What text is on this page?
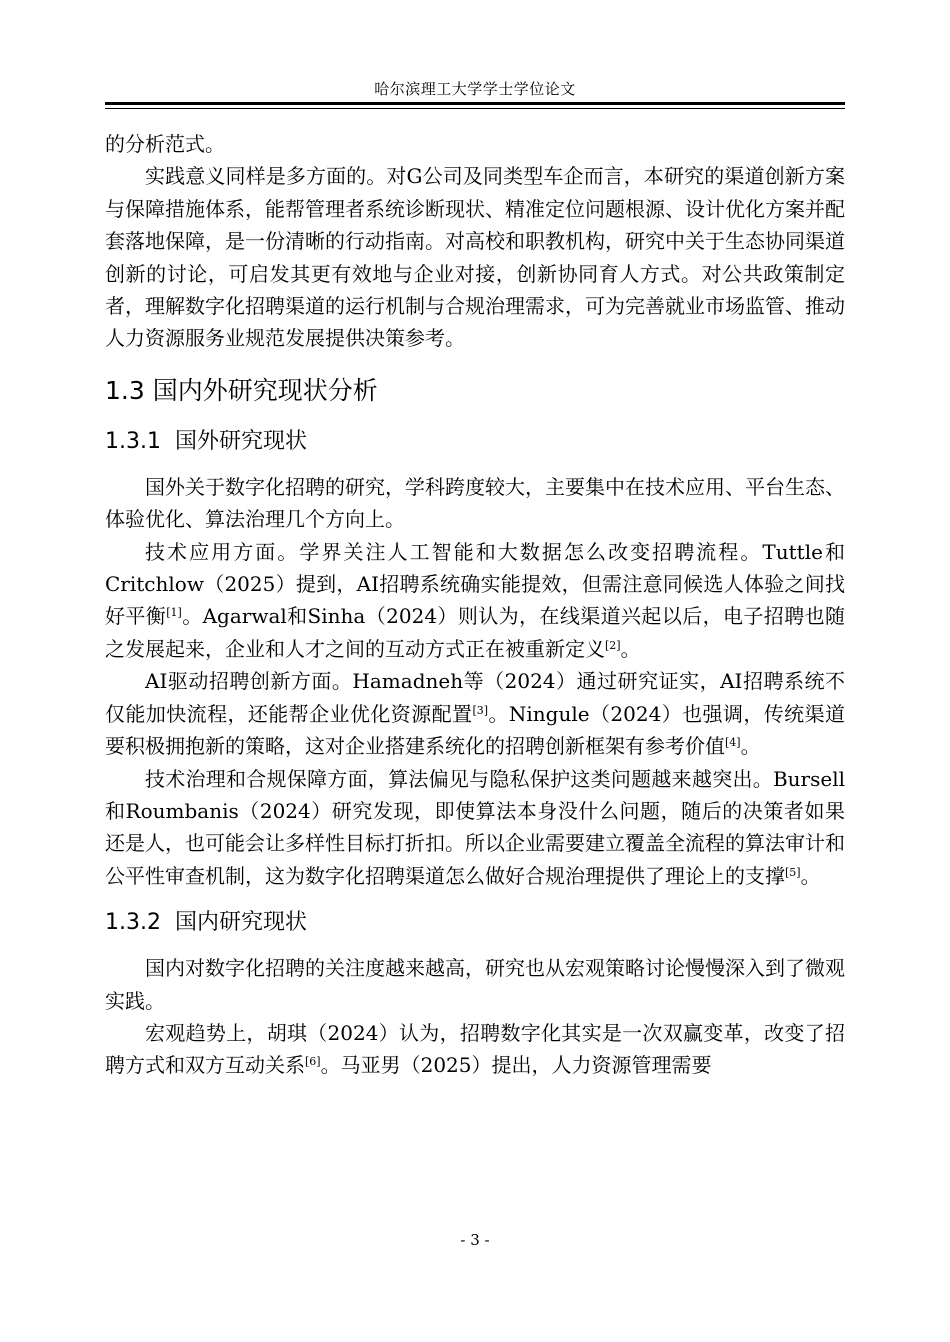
哈尔滨理工大学学士学位论文

的分析范式。

实践意义同样是多方面的。对G公司及同类型车企而言，本研究的渠道创新方案与保障措施体系，能帮管理者系统诊断现状、精准定位问题根源、设计优化方案并配套落地保障，是一份清晰的行动指南。对高校和职教机构，研究中关于生态协同渠道创新的讨论，可启发其更有效地与企业对接，创新协同育人方式。对公共政策制定者，理解数字化招聘渠道的运行机制与合规治理需求，可为完善就业市场监管、推动人力资源服务业规范发展提供决策参考。

1.3 国内外研究现状分析
1.3.1 国外研究现状

国外关于数字化招聘的研究，学科跨度较大，主要集中在技术应用、平台生态、体验优化、算法治理几个方向上。

技术应用方面。学界关注人工智能和大数据怎么改变招聘流程。Tuttle和Critchlow（2025）提到，AI招聘系统确实能提效，但需注意同候选人体验之间找好平衡[1]。Agarwal和Sinha（2024）则认为，在线渠道兴起以后，电子招聘也随之发展起来，企业和人才之间的互动方式正在被重新定义[2]。

AI驱动招聘创新方面。Hamadneh等（2024）通过研究证实，AI招聘系统不仅能加快流程，还能帮企业优化资源配置[3]。Ningule（2024）也强调，传统渠道要积极拥抱新的策略，这对企业搭建系统化的招聘创新框架有参考价值[4]。

技术治理和合规保障方面，算法偏见与隐私保护这类问题越来越突出。Bursell和Roumbanis（2024）研究发现，即使算法本身没什么问题，随后的决策者如果还是人，也可能会让多样性目标打折扣。所以企业需要建立覆盖全流程的算法审计和公平性审查机制，这为数字化招聘渠道怎么做好合规治理提供了理论上的支撑[5]。

1.3.2 国内研究现状

国内对数字化招聘的关注度越来越高，研究也从宏观策略讨论慢慢深入到了微观实践。

宏观趋势上，胡琪（2024）认为，招聘数字化其实是一次双赢变革，改变了招聘方式和双方互动关系[6]。马亚男（2025）提出，人力资源管理需要

- 3 -
